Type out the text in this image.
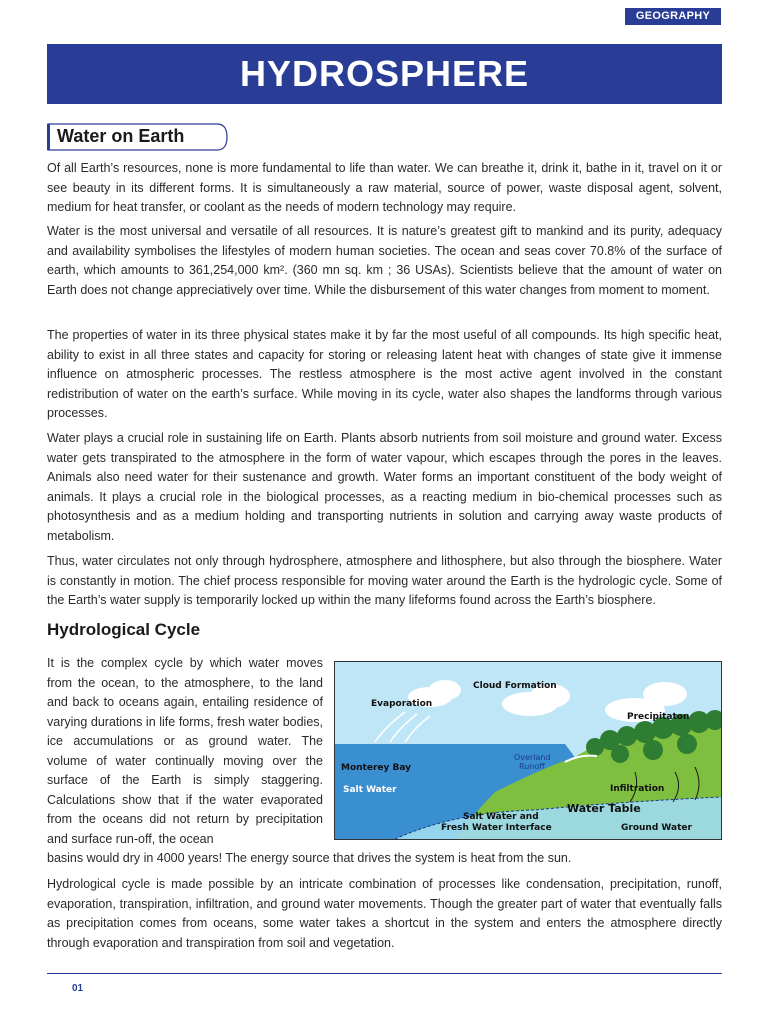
GEOGRAPHY
HYDROSPHERE
Water on Earth

Of all Earth’s resources, none is more fundamental to life than water. We can breathe it, drink it, bathe in it, travel on it or see beauty in its different forms. It is simultaneously a raw material, source of power, waste disposal agent, solvent, medium for heat transfer, or coolant as the needs of modern technology may require.

Water is the most universal and versatile of all resources. It is nature’s greatest gift to mankind and its purity, adequacy and availability symbolises the lifestyles of modern human societies. The ocean and seas cover 70.8% of the surface of earth, which amounts to 361,254,000 km². (360 mn sq. km ; 36 USAs). Scientists believe that the amount of water on Earth does not change appreciatively over time. While the disbursement of this water changes from moment to moment.

The properties of water in its three physical states make it by far the most useful of all compounds. Its high specific heat, ability to exist in all three states and capacity for storing or releasing latent heat with changes of state give it immense influence on atmospheric processes. The restless atmosphere is the most active agent involved in the constant redistribution of water on the earth’s surface. While moving in its cycle, water also shapes the landforms through various processes.

Water plays a crucial role in sustaining life on Earth. Plants absorb nutrients from soil moisture and ground water. Excess water gets transpirated to the atmosphere in the form of water vapour, which escapes through the pores in the leaves. Animals also need water for their sustenance and growth. Water forms an important constituent of the body weight of animals. It plays a crucial role in the biological processes, as a reacting medium in bio-chemical processes such as photosynthesis and as a medium holding and transporting nutrients in solution and carrying away waste products of metabolism.

Thus, water circulates not only through hydrosphere, atmosphere and lithosphere, but also through the biosphere. Water is constantly in motion. The chief process responsible for moving water around the Earth is the hydrologic cycle. Some of the Earth’s water supply is temporarily locked up within the many lifeforms found across the Earth’s biosphere.

Hydrological Cycle

It is the complex cycle by which water moves from the ocean, to the atmosphere, to the land and back to oceans again, entailing residence of varying durations in life forms, fresh water bodies, ice accumulations or as ground water. The volume of water continually moving over the surface of the Earth is simply staggering. Calculations show that if the water evaporated from the oceans did not return by precipitation and surface run-off, the ocean

Cloud Formation
Evaporation
Precipitaton
Overland
Runoff
Monterey Bay
Infiltration
Salt Water
Water Table
Salt Water and
Fresh Water Interface	Ground Water

basins would dry in 4000 years! The energy source that drives the system is heat from the sun.

Hydrological cycle is made possible by an intricate combination of processes like condensation, precipitation, runoff, evaporation, transpiration, infiltration, and ground water movements. Though the greater part of water that eventually falls as precipitation comes from oceans, some water takes a shortcut in the system and enters the atmosphere directly through evaporation and transpiration from soil and vegetation.

01
